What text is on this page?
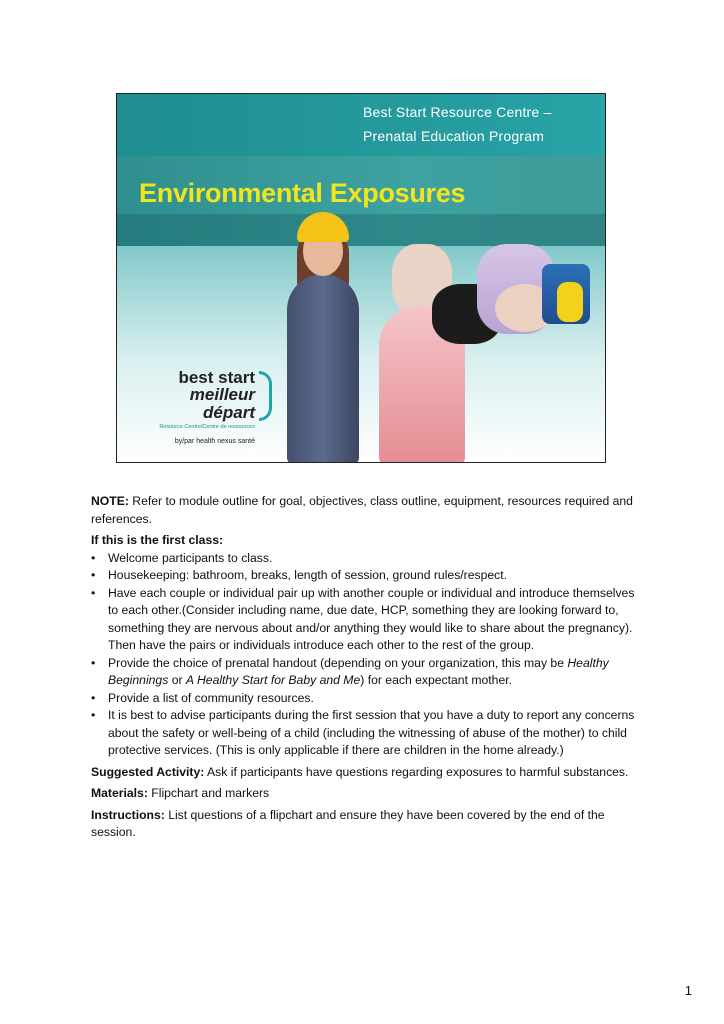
Best Start Resource Centre –
Prenatal Education Program
Environmental Exposures
best start
meilleur départ
Resource Centre/Centre de ressources
by/par health nexus santé

NOTE: Refer to module outline for goal, objectives, class outline, equipment, resources required and references.

If this is the first class:

• Welcome participants to class.
• Housekeeping: bathroom, breaks, length of session, ground rules/respect.
• Have each couple or individual pair up with another couple or individual and introduce themselves to each other.(Consider including name, due date, HCP, something they are looking forward to, something they are nervous about and/or anything they would like to share about the pregnancy). Then have the pairs or individuals introduce each other to the rest of the group.
• Provide the choice of prenatal handout (depending on your organization, this may be Healthy Beginnings or A Healthy Start for Baby and Me) for each expectant mother.
• Provide a list of community resources.
• It is best to advise participants during the first session that you have a duty to report any concerns about the safety or well-being of a child (including the witnessing of abuse of the mother) to child protective services. (This is only applicable if there are children in the home already.)

Suggested Activity: Ask if participants have questions regarding exposures to harmful substances.

Materials: Flipchart and markers

Instructions: List questions of a flipchart and ensure they have been covered by the end of the session.

1
